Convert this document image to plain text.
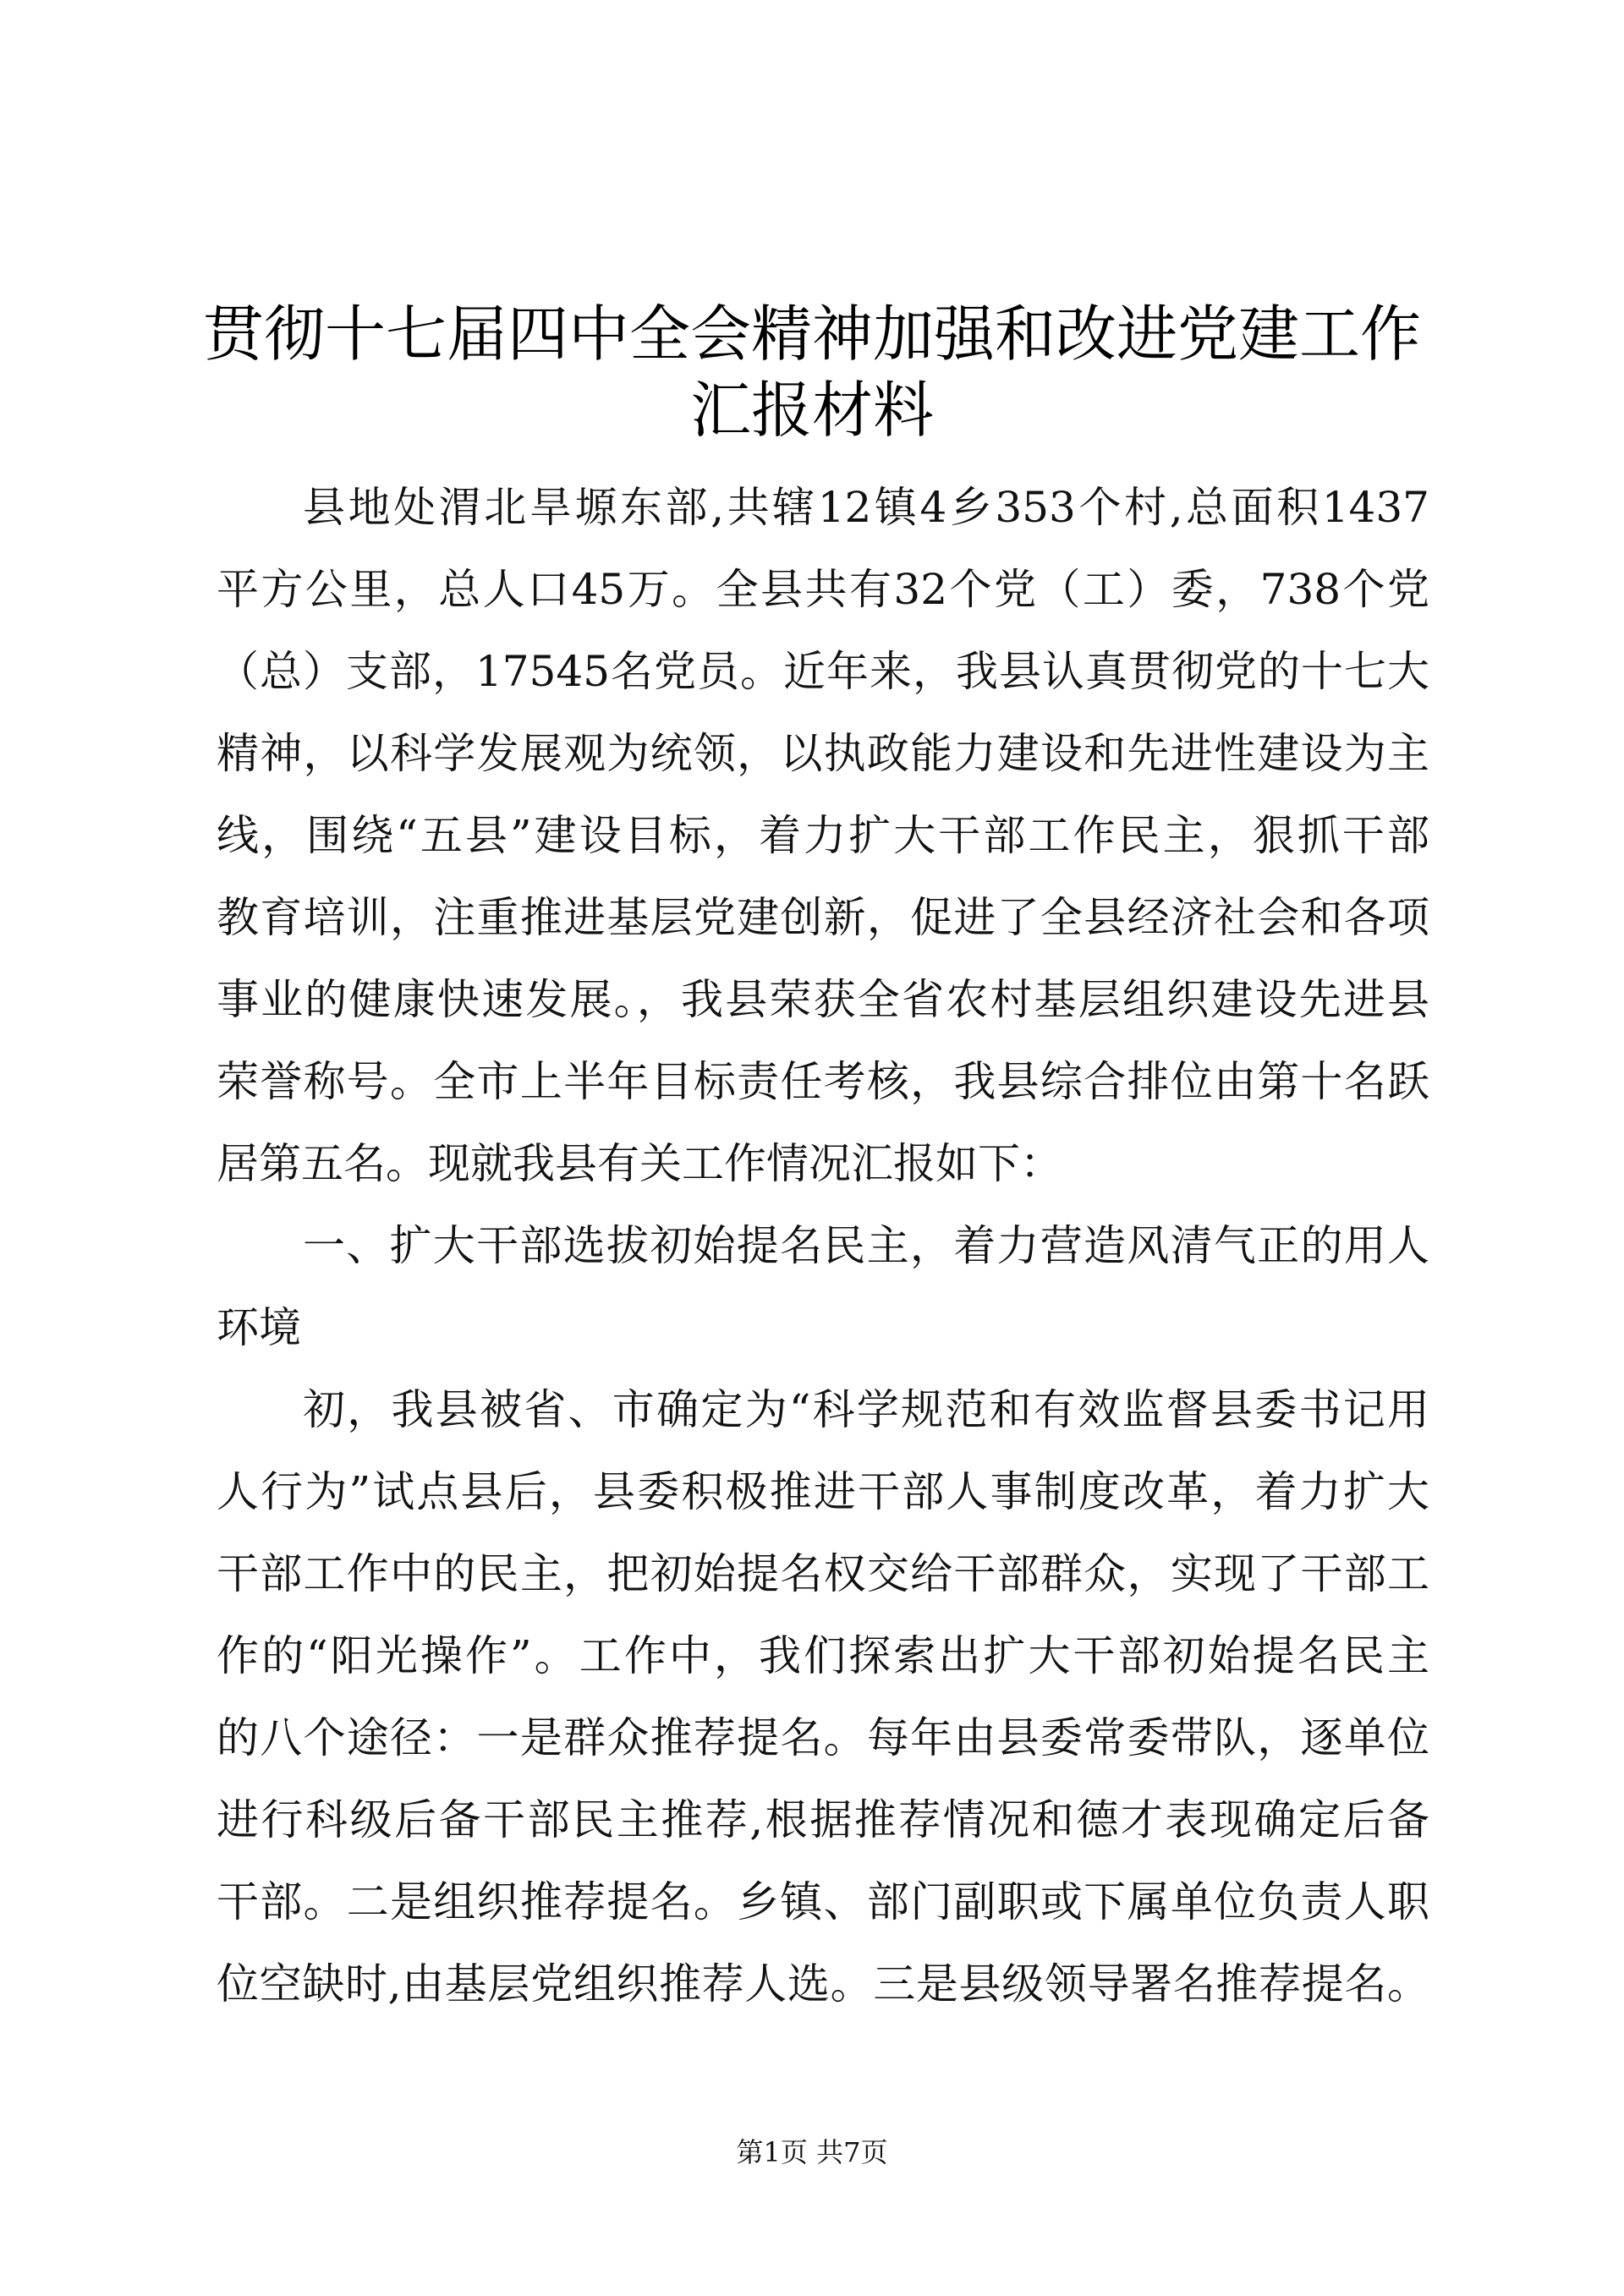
贯彻十七届四中全会精神加强和改进党建工作
汇报材料
县地处渭北旱塬东部,共辖12镇4乡353个村,总面积1437
平方公里，总人口45万。全县共有32个党（工）委，738个党
（总）支部，17545名党员。近年来，我县认真贯彻党的十七大
精神，以科学发展观为统领，以执政能力建设和先进性建设为主
线，围绕“五县”建设目标，着力扩大干部工作民主，狠抓干部
教育培训，注重推进基层党建创新，促进了全县经济社会和各项
事业的健康快速发展。，我县荣获全省农村基层组织建设先进县
荣誉称号。全市上半年目标责任考核，我县综合排位由第十名跃
居第五名。现就我县有关工作情况汇报如下：
一、扩大干部选拔初始提名民主，着力营造风清气正的用人
环境
初，我县被省、市确定为“科学规范和有效监督县委书记用
人行为”试点县后，县委积极推进干部人事制度改革，着力扩大
干部工作中的民主，把初始提名权交给干部群众，实现了干部工
作的“阳光操作”。工作中，我们探索出扩大干部初始提名民主
的八个途径：一是群众推荐提名。每年由县委常委带队，逐单位
进行科级后备干部民主推荐,根据推荐情况和德才表现确定后备
干部。二是组织推荐提名。乡镇、部门副职或下属单位负责人职
位空缺时,由基层党组织推荐人选。三是县级领导署名推荐提名。
第1页 共7页
